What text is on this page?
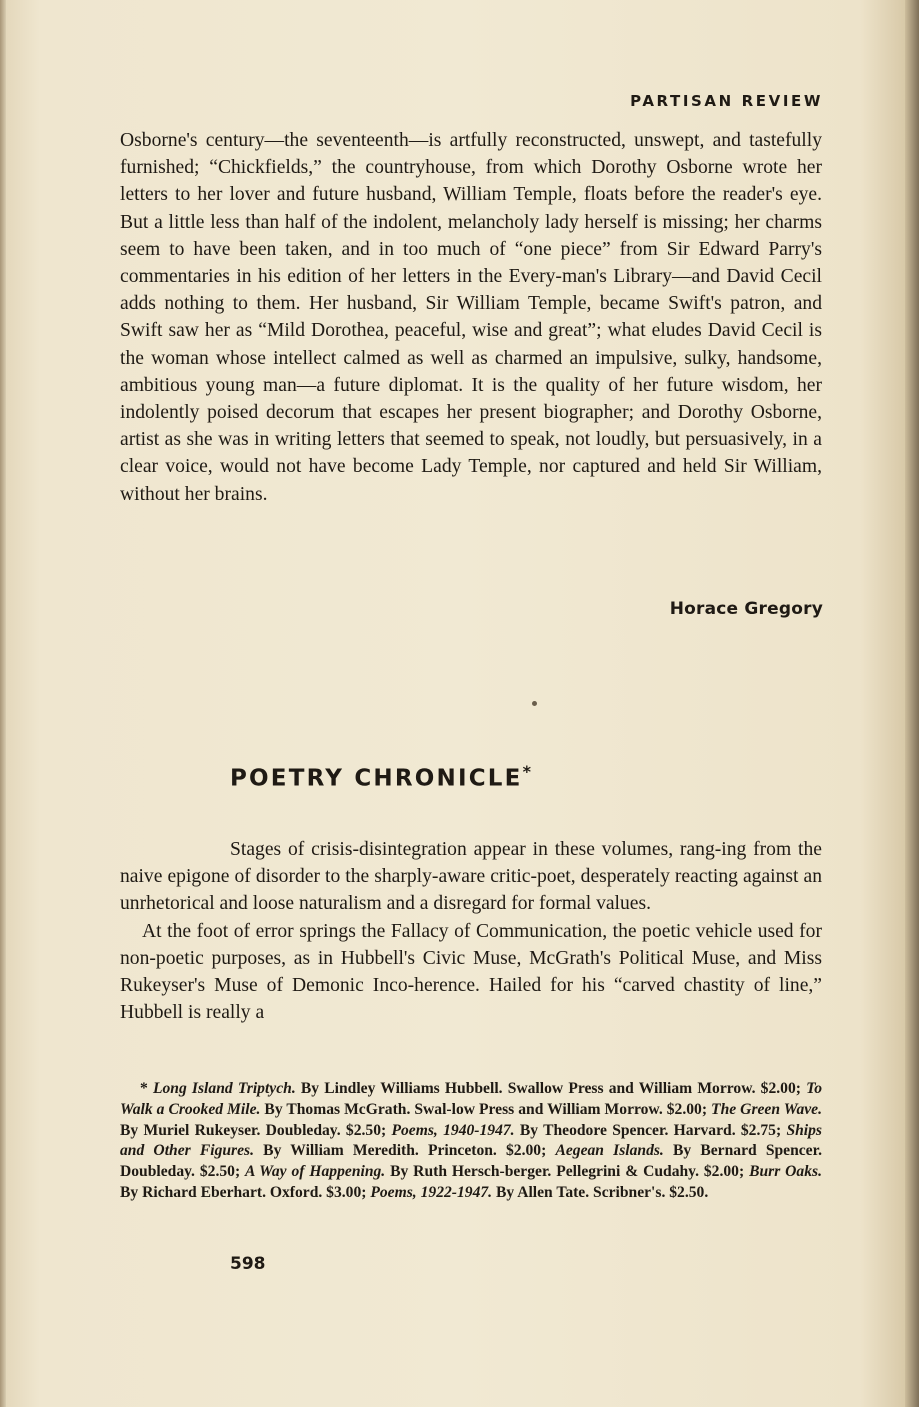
PARTISAN REVIEW

Osborne's century—the seventeenth—is artfully reconstructed, unswept, and tastefully furnished; “Chickfields,” the countryhouse, from which Dorothy Osborne wrote her letters to her lover and future husband, William Temple, floats before the reader's eye. But a little less than half of the indolent, melancholy lady herself is missing; her charms seem to have been taken, and in too much of “one piece” from Sir Edward Parry's commentaries in his edition of her letters in the Every-man's Library—and David Cecil adds nothing to them. Her husband, Sir William Temple, became Swift's patron, and Swift saw her as “Mild Dorothea, peaceful, wise and great”; what eludes David Cecil is the woman whose intellect calmed as well as charmed an impulsive, sulky, handsome, ambitious young man—a future diplomat. It is the quality of her future wisdom, her indolently poised decorum that escapes her present biographer; and Dorothy Osborne, artist as she was in writing letters that seemed to speak, not loudly, but persuasively, in a clear voice, would not have become Lady Temple, nor captured and held Sir William, without her brains.

Horace Gregory
POETRY CHRONICLE*

Stages of crisis-disintegration appear in these volumes, rang-ing from the naive epigone of disorder to the sharply-aware critic-poet, desperately reacting against an unrhetorical and loose naturalism and a disregard for formal values.

At the foot of error springs the Fallacy of Communication, the poetic vehicle used for non-poetic purposes, as in Hubbell's Civic Muse, McGrath's Political Muse, and Miss Rukeyser's Muse of Demonic Inco-herence. Hailed for his “carved chastity of line,” Hubbell is really a

* Long Island Triptych. By Lindley Williams Hubbell. Swallow Press and William Morrow. $2.00; To Walk a Crooked Mile. By Thomas McGrath. Swal-low Press and William Morrow. $2.00; The Green Wave. By Muriel Rukeyser. Doubleday. $2.50; Poems, 1940-1947. By Theodore Spencer. Harvard. $2.75; Ships and Other Figures. By William Meredith. Princeton. $2.00; Aegean Islands. By Bernard Spencer. Doubleday. $2.50; A Way of Happening. By Ruth Hersch-berger. Pellegrini & Cudahy. $2.00; Burr Oaks. By Richard Eberhart. Oxford. $3.00; Poems, 1922-1947. By Allen Tate. Scribner's. $2.50.
598
